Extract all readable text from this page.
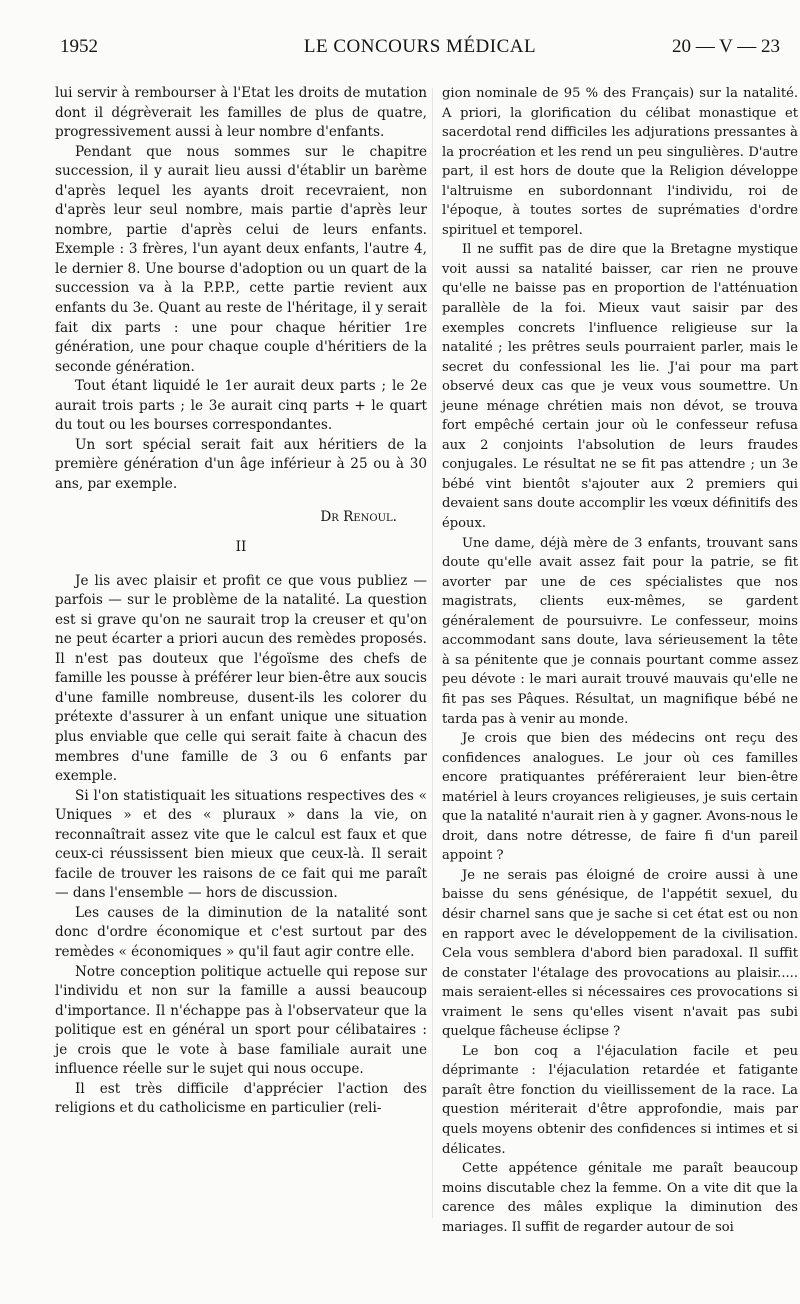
1952	LE CONCOURS MÉDICAL	20 — V — 23

lui servir à rembourser à l'Etat les droits de mutation dont il dégrèverait les familles de plus de quatre, progressivement aussi à leur nombre d'enfants.

Pendant que nous sommes sur le chapitre succession, il y aurait lieu aussi d'établir un barème d'après lequel les ayants droit recevraient, non d'après leur seul nombre, mais partie d'après leur nombre, partie d'après celui de leurs enfants. Exemple : 3 frères, l'un ayant deux enfants, l'autre 4, le dernier 8. Une bourse d'adoption ou un quart de la succession va à la P.P.P., cette partie revient aux enfants du 3e. Quant au reste de l'héritage, il y serait fait dix parts : une pour chaque héritier 1re génération, une pour chaque couple d'héritiers de la seconde génération.

Tout étant liquidé le 1er aurait deux parts ; le 2e aurait trois parts ; le 3e aurait cinq parts + le quart du tout ou les bourses correspondantes.

Un sort spécial serait fait aux héritiers de la première génération d'un âge inférieur à 25 ou à 30 ans, par exemple.

Dr Renoul.

II

Je lis avec plaisir et profit ce que vous publiez — parfois — sur le problème de la natalité. La question est si grave qu'on ne saurait trop la creuser et qu'on ne peut écarter a priori aucun des remèdes proposés. Il n'est pas douteux que l'égoïsme des chefs de famille les pousse à préférer leur bien-être aux soucis d'une famille nombreuse, dusent-ils les colorer du prétexte d'assurer à un enfant unique une situation plus enviable que celle qui serait faite à chacun des membres d'une famille de 3 ou 6 enfants par exemple.

Si l'on statistiquait les situations respectives des « Uniques » et des « pluraux » dans la vie, on reconnaîtrait assez vite que le calcul est faux et que ceux-ci réussissent bien mieux que ceux-là. Il serait facile de trouver les raisons de ce fait qui me paraît — dans l'ensemble — hors de discussion.

Les causes de la diminution de la natalité sont donc d'ordre économique et c'est surtout par des remèdes « économiques » qu'il faut agir contre elle.

Notre conception politique actuelle qui repose sur l'individu et non sur la famille a aussi beaucoup d'importance. Il n'échappe pas à l'observateur que la politique est en général un sport pour célibataires : je crois que le vote à base familiale aurait une influence réelle sur le sujet qui nous occupe.

Il est très difficile d'apprécier l'action des religions et du catholicisme en particulier (reli-

gion nominale de 95 % des Français) sur la natalité. A priori, la glorification du célibat monastique et sacerdotal rend difficiles les adjurations pressantes à la procréation et les rend un peu singulières. D'autre part, il est hors de doute que la Religion développe l'altruisme en subordonnant l'individu, roi de l'époque, à toutes sortes de suprématies d'ordre spirituel et temporel.

Il ne suffit pas de dire que la Bretagne mystique voit aussi sa natalité baisser, car rien ne prouve qu'elle ne baisse pas en proportion de l'atténuation parallèle de la foi. Mieux vaut saisir par des exemples concrets l'influence religieuse sur la natalité ; les prêtres seuls pourraient parler, mais le secret du confessional les lie. J'ai pour ma part observé deux cas que je veux vous soumettre. Un jeune ménage chrétien mais non dévot, se trouva fort empêché certain jour où le confesseur refusa aux 2 conjoints l'absolution de leurs fraudes conjugales. Le résultat ne se fit pas attendre ; un 3e bébé vint bientôt s'ajouter aux 2 premiers qui devaient sans doute accomplir les vœux définitifs des époux.

Une dame, déjà mère de 3 enfants, trouvant sans doute qu'elle avait assez fait pour la patrie, se fit avorter par une de ces spécialistes que nos magistrats, clients eux-mêmes, se gardent généralement de poursuivre. Le confesseur, moins accommodant sans doute, lava sérieusement la tête à sa pénitente que je connais pourtant comme assez peu dévote : le mari aurait trouvé mauvais qu'elle ne fit pas ses Pâques. Résultat, un magnifique bébé ne tarda pas à venir au monde.

Je crois que bien des médecins ont reçu des confidences analogues. Le jour où ces familles encore pratiquantes préféreraient leur bien-être matériel à leurs croyances religieuses, je suis certain que la natalité n'aurait rien à y gagner. Avons-nous le droit, dans notre détresse, de faire fi d'un pareil appoint ?

Je ne serais pas éloigné de croire aussi à une baisse du sens génésique, de l'appétit sexuel, du désir charnel sans que je sache si cet état est ou non en rapport avec le développement de la civilisation. Cela vous semblera d'abord bien paradoxal. Il suffit de constater l'étalage des provocations au plaisir..... mais seraient-elles si nécessaires ces provocations si vraiment le sens qu'elles visent n'avait pas subi quelque fâcheuse éclipse ?

Le bon coq a l'éjaculation facile et peu déprimante : l'éjaculation retardée et fatigante paraît être fonction du vieillissement de la race. La question mériterait d'être approfondie, mais par quels moyens obtenir des confidences si intimes et si délicates.

Cette appétence génitale me paraît beaucoup moins discutable chez la femme. On a vite dit que la carence des mâles explique la diminution des mariages. Il suffit de regarder autour de soi
